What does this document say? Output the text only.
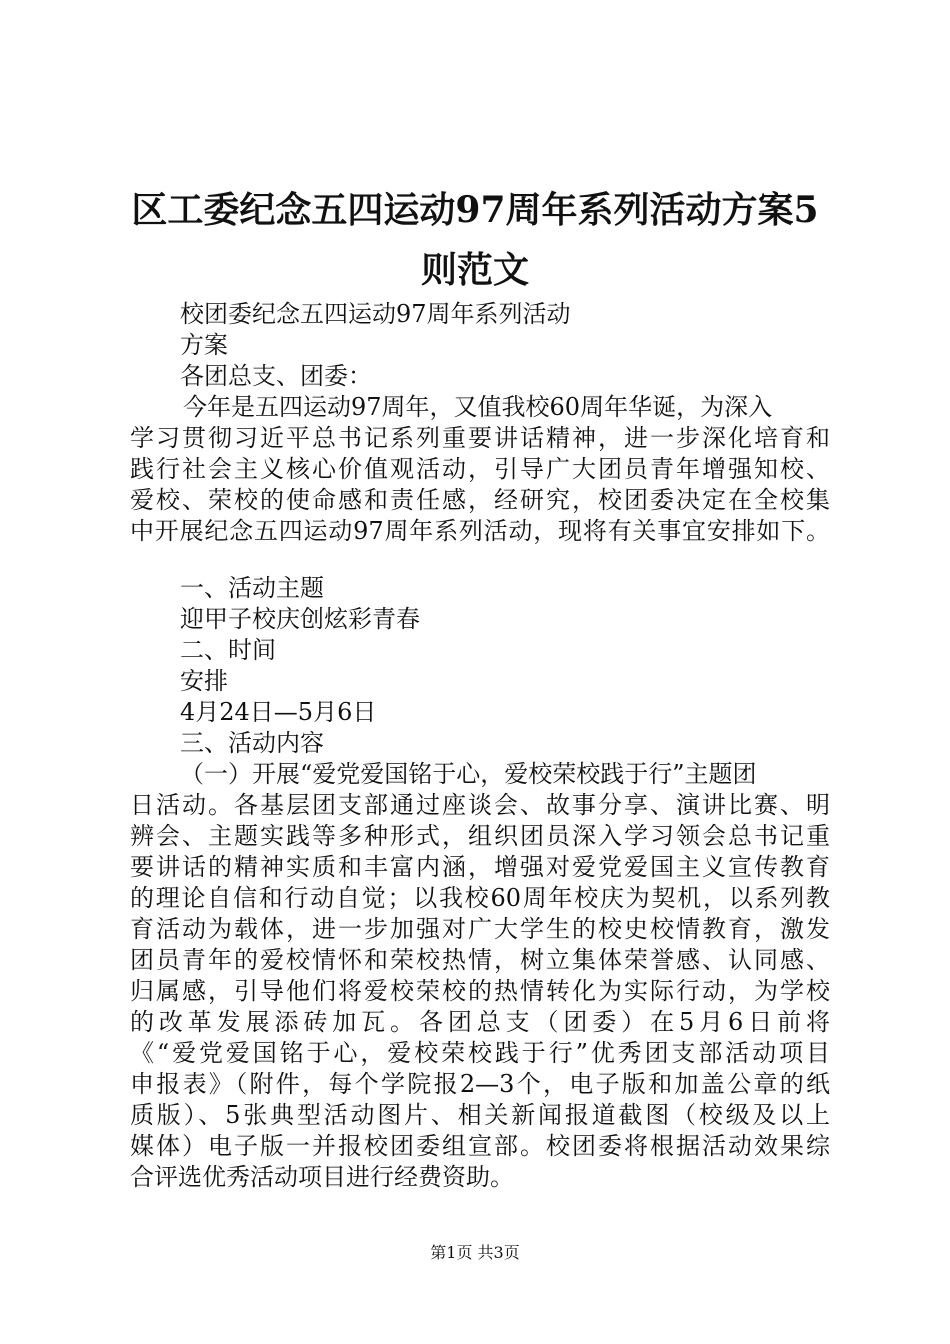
区工委纪念五四运动97周年系列活动方案5
则范文
校团委纪念五四运动97周年系列活动
方案
各团总支、团委：
今年是五四运动97周年，又值我校60周年华诞，为深入
学习贯彻习近平总书记系列重要讲话精神，进一步深化培育和
践行社会主义核心价值观活动，引导广大团员青年增强知校、
爱校、荣校的使命感和责任感，经研究，校团委决定在全校集
中开展纪念五四运动97周年系列活动，现将有关事宜安排如下。
一、活动主题
迎甲子校庆创炫彩青春
二、时间
安排
4月24日—5月6日
三、活动内容
（一）开展“爱党爱国铭于心，爱校荣校践于行”主题团
日活动。各基层团支部通过座谈会、故事分享、演讲比赛、明
辨会、主题实践等多种形式，组织团员深入学习领会总书记重
要讲话的精神实质和丰富内涵，增强对爱党爱国主义宣传教育
的理论自信和行动自觉；以我校60周年校庆为契机，以系列教
育活动为载体，进一步加强对广大学生的校史校情教育，激发
团员青年的爱校情怀和荣校热情，树立集体荣誉感、认同感、
归属感，引导他们将爱校荣校的热情转化为实际行动，为学校
的改革发展添砖加瓦。各团总支（团委）在5月6日前将
《“爱党爱国铭于心，爱校荣校践于行”优秀团支部活动项目
申报表》（附件，每个学院报2—3个，电子版和加盖公章的纸
质版）、5张典型活动图片、相关新闻报道截图（校级及以上
媒体）电子版一并报校团委组宣部。校团委将根据活动效果综
合评选优秀活动项目进行经费资助。
第1页 共3页
